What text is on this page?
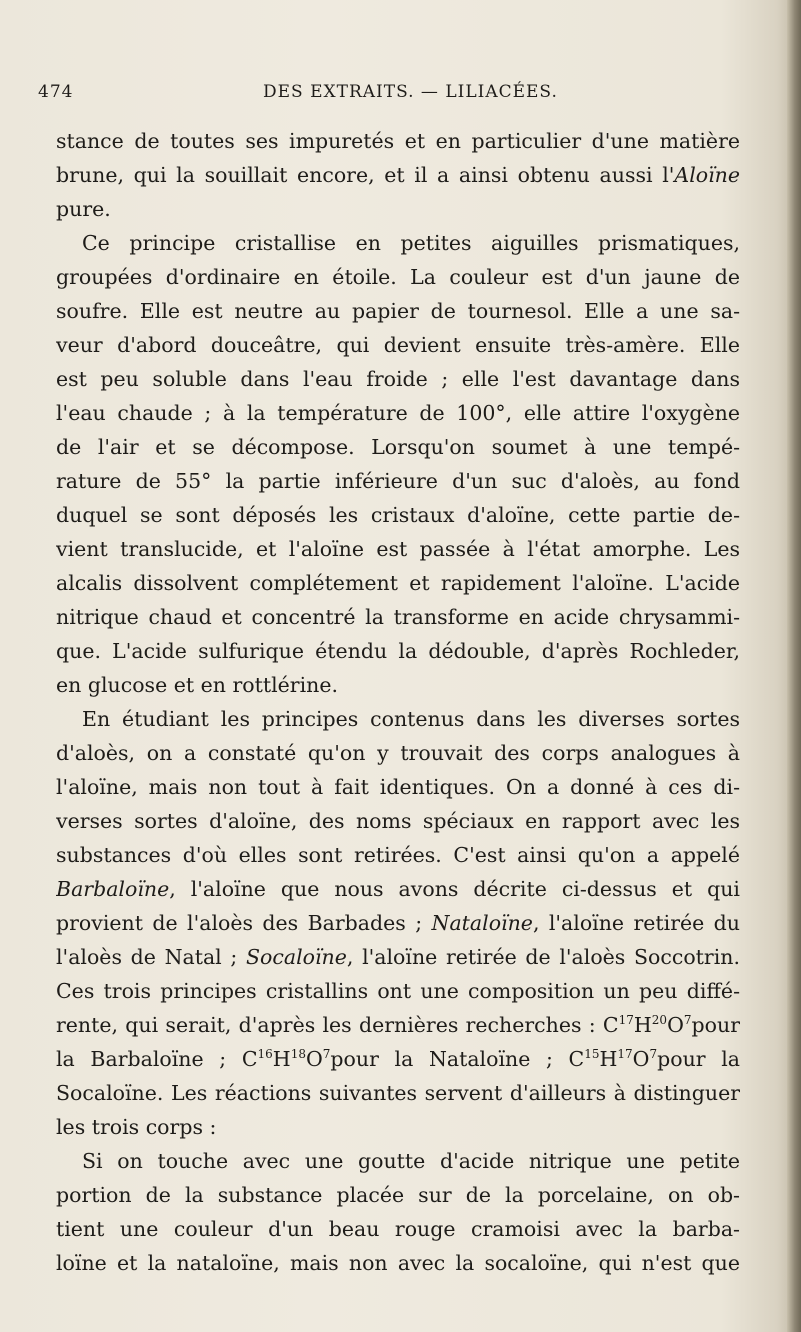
474	DES EXTRAITS. — LILIACÉES.
stance de toutes ses impuretés et en particulier d'une matière
brune, qui la souillait encore, et il a ainsi obtenu aussi l'Aloïne
pure.
Ce principe cristallise en petites aiguilles prismatiques,
groupées d'ordinaire en étoile. La couleur est d'un jaune de
soufre. Elle est neutre au papier de tournesol. Elle a une sa-
veur d'abord douceâtre, qui devient ensuite très-amère. Elle
est peu soluble dans l'eau froide ; elle l'est davantage dans
l'eau chaude ; à la température de 100°, elle attire l'oxygène
de l'air et se décompose. Lorsqu'on soumet à une tempé-
rature de 55° la partie inférieure d'un suc d'aloès, au fond
duquel se sont déposés les cristaux d'aloïne, cette partie de-
vient translucide, et l'aloïne est passée à l'état amorphe. Les
alcalis dissolvent complétement et rapidement l'aloïne. L'acide
nitrique chaud et concentré la transforme en acide chrysammi-
que. L'acide sulfurique étendu la dédouble, d'après Rochleder,
en glucose et en rottlérine.
En étudiant les principes contenus dans les diverses sortes
d'aloès, on a constaté qu'on y trouvait des corps analogues à
l'aloïne, mais non tout à fait identiques. On a donné à ces di-
verses sortes d'aloïne, des noms spéciaux en rapport avec les
substances d'où elles sont retirées. C'est ainsi qu'on a appelé
Barbaloïne, l'aloïne que nous avons décrite ci-dessus et qui
provient de l'aloès des Barbades ; Nataloïne, l'aloïne retirée du
l'aloès de Natal ; Socaloïne, l'aloïne retirée de l'aloès Soccotrin.
Ces trois principes cristallins ont une composition un peu diffé-
rente, qui serait, d'après les dernières recherches : $C^{17}H^{20}O^7pour$
la Barbaloïne ; $C^{16}H^{18}O^7pour$ la Nataloïne ; $C^{15}H^{17}O^7pour$ la
Socaloïne. Les réactions suivantes servent d'ailleurs à distinguer
les trois corps :
Si on touche avec une goutte d'acide nitrique une petite
portion de la substance placée sur de la porcelaine, on ob-
tient une couleur d'un beau rouge cramoisi avec la barba-
loïne et la nataloïne, mais non avec la socaloïne, qui n'est que
